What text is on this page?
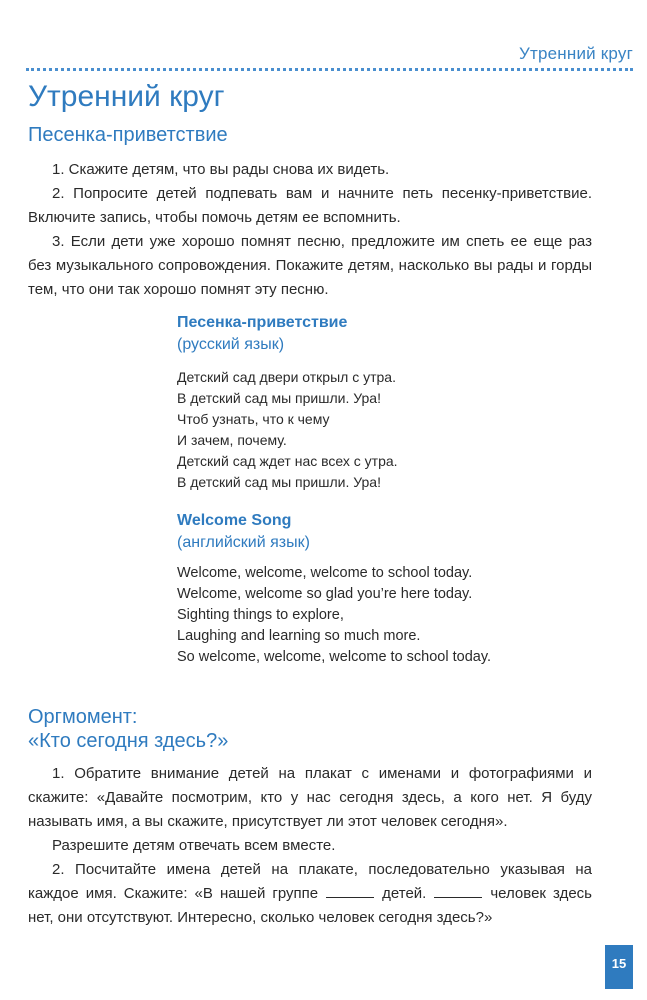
Утренний круг
Утренний круг
Песенка-приветствие

1. Скажите детям, что вы рады снова их видеть.

2. Попросите детей подпевать вам и начните петь песенку-приветствие. Включите запись, чтобы помочь детям ее вспомнить.

3. Если дети уже хорошо помнят песню, предложите им спеть ее еще раз без музыкального сопровождения. Покажите детям, насколько вы рады и горды тем, что они так хорошо помнят эту песню.

Песенка-приветствие
(русский язык)
Детский сад двери открыл с утра.
В детский сад мы пришли. Ура!
Чтоб узнать, что к чему
И зачем, почему.
Детский сад ждет нас всех с утра.
В детский сад мы пришли. Ура!
Welcome Song
(английский язык)
Welcome, welcome, welcome to school today.
Welcome, welcome so glad you’re here today.
Sighting things to explore,
Laughing and learning so much more.
So welcome, welcome, welcome to school today.
Оргмомент:
«Кто сегодня здесь?»

1. Обратите внимание детей на плакат с именами и фотографиями и скажите: «Давайте посмотрим, кто у нас сегодня здесь, а кого нет. Я буду называть имя, а вы скажите, присутствует ли этот человек сегодня».

Разрешите детям отвечать всем вместе.

2. Посчитайте имена детей на плакате, последовательно указывая на каждое имя. Скажите: «В нашей группе	детей.	человек здесь нет, они отсутствуют. Интересно, сколько человек сегодня здесь?»

15
